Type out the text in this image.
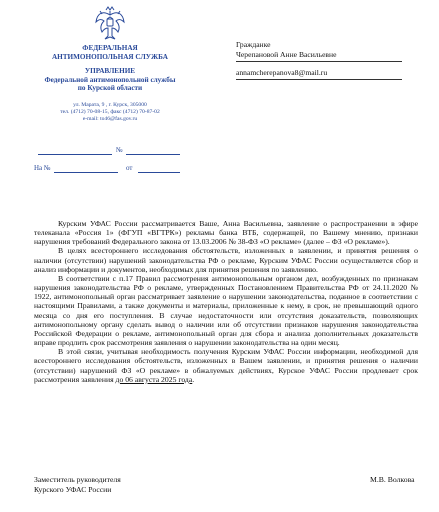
ФЕДЕРАЛЬНАЯ
АНТИМОНОПОЛЬНАЯ СЛУЖБА
УПРАВЛЕНИЕ
Федеральной антимонопольной службы
по Курской области
ул. Марата, 9 , г. Курск, 305000
тел. (4712) 70-08-15, факс (4712) 70-87-02
e-mail: to46@fas.gov.ru
№
На №	от
Гражданке
Черепановой Анне Васильевне
annamcherepanova8@mail.ru

Курским УФАС России рассматривается Ваше, Анна Васильевна, заявление о распространении в эфире телеканала «Россия 1» (ФГУП «ВГТРК») рекламы банка ВТБ, содержащей, по Вашему мнению, признаки нарушения требований Федерального закона от 13.03.2006 № 38-ФЗ «О рекламе» (далее – ФЗ «О рекламе»).

В целях всестороннего исследования обстоятельств, изложенных в заявлении, и принятия решения о наличии (отсутствии) нарушений законодательства РФ о рекламе, Курским УФАС России осуществляется сбор и анализ информации и документов, необходимых для принятия решения по заявлению.

В соответствии с п.17 Правил рассмотрения антимонопольным органом дел, возбужденных по признакам нарушения законодательства РФ о рекламе, утвержденных Постановлением Правительства РФ от 24.11.2020 № 1922, антимонопольный орган рассматривает заявление о нарушении законодательства, поданное в соответствии с настоящими Правилами, а также документы и материалы, приложенные к нему, в срок, не превышающий одного месяца со дня его поступления. В случае недостаточности или отсутствия доказательств, позволяющих антимонопольному органу сделать вывод о наличии или об отсутствии признаков нарушения законодательства Российской Федерации о рекламе, антимонопольный орган для сбора и анализа дополнительных доказательств вправе продлить срок рассмотрения заявления о нарушении законодательства на один месяц.

В этой связи, учитывая необходимость получения Курским УФАС России информации, необходимой для всестороннего исследования обстоятельств, изложенных в Вашем заявлении, и принятия решения о наличии (отсутствии) нарушений ФЗ «О рекламе» в обжалуемых действиях, Курское УФАС России продлевает срок рассмотрения заявления до 06 августа 2025 года.

Заместитель руководителя
Курского УФАС России
М.В. Волкова
